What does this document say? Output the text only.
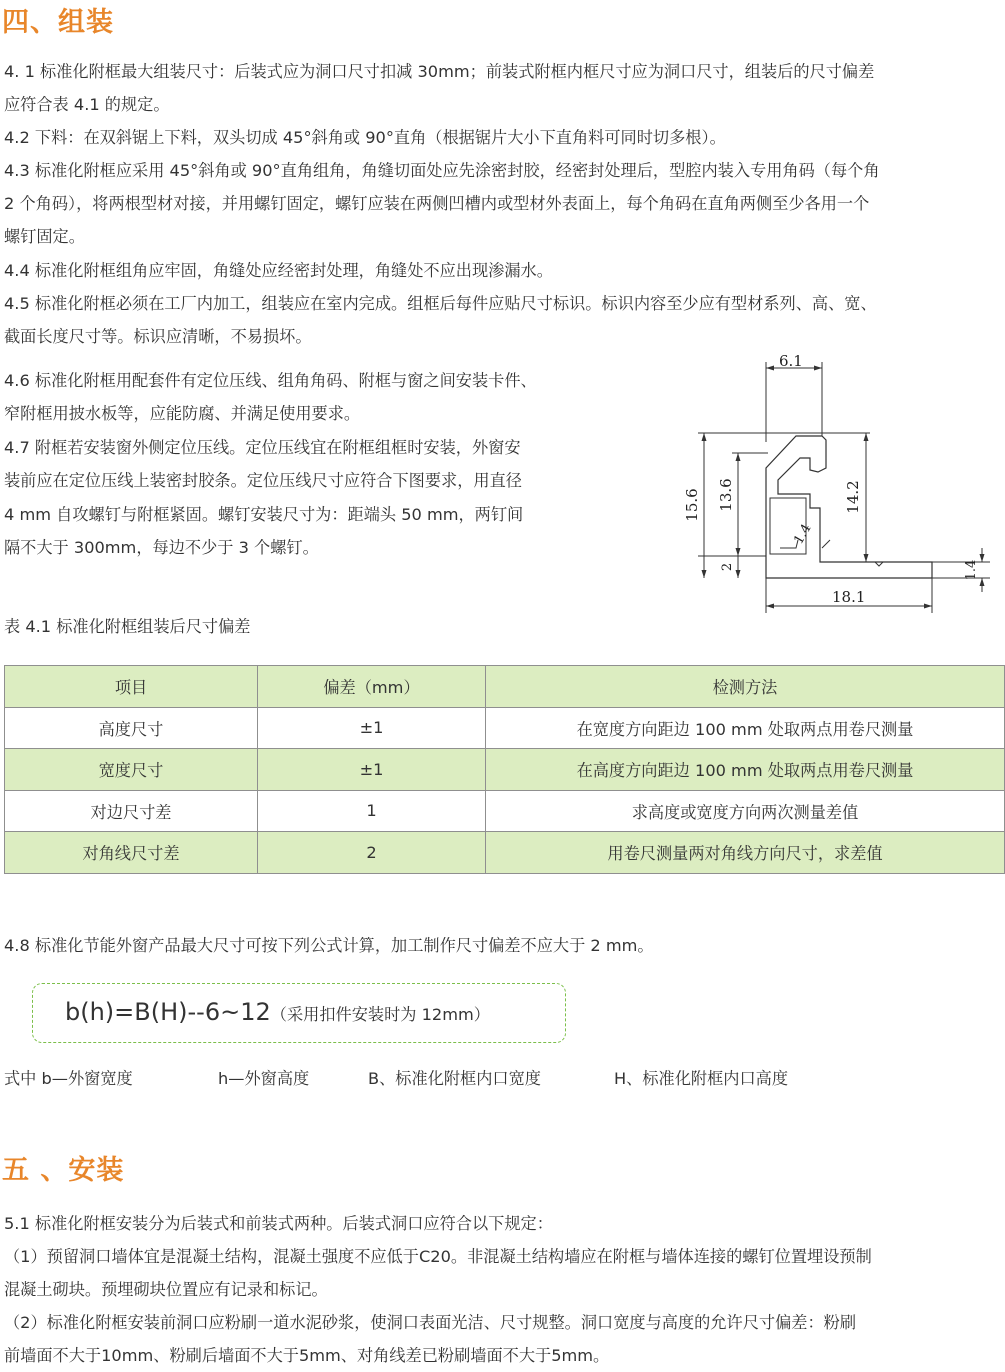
四、组装
4. 1 标准化附框最大组装尺寸：后装式应为洞口尺寸扣减 30mm；前装式附框内框尺寸应为洞口尺寸，组装后的尺寸偏差
应符合表 4.1 的规定。
4.2 下料：在双斜锯上下料，双头切成 45°斜角或 90°直角（根据锯片大小下直角料可同时切多根）。
4.3 标准化附框应采用 45°斜角或 90°直角组角，角缝切面处应先涂密封胶，经密封处理后，型腔内装入专用角码（每个角
2 个角码），将两根型材对接，并用螺钉固定，螺钉应装在两侧凹槽内或型材外表面上，每个角码在直角两侧至少各用一个
螺钉固定。
4.4 标准化附框组角应牢固，角缝处应经密封处理，角缝处不应出现渗漏水。
4.5 标准化附框必须在工厂内加工，组装应在室内完成。组框后每件应贴尺寸标识。标识内容至少应有型材系列、高、宽、
截面长度尺寸等。标识应清晰，不易损坏。
4.6 标准化附框用配套件有定位压线、组角角码、附框与窗之间安装卡件、
窄附框用披水板等，应能防腐、并满足使用要求。
4.7 附框若安装窗外侧定位压线。定位压线宜在附框组框时安装，外窗安
装前应在定位压线上装密封胶条。定位压线尺寸应符合下图要求，用直径
4 mm 自攻螺钉与附框紧固。螺钉安装尺寸为：距端头 50 mm，两钉间
隔不大于 300mm，每边不少于 3 个螺钉。
6.1
18.1
15.6 13.6	14.2
2
1.4
1.4
表 4.1 标准化附框组装后尺寸偏差
项目	偏差（mm）	检测方法
高度尺寸	±1	在宽度方向距边 100 mm 处取两点用卷尺测量
宽度尺寸	±1	在高度方向距边 100 mm 处取两点用卷尺测量
对边尺寸差	1	求高度或宽度方向两次测量差值
对角线尺寸差	2	用卷尺测量两对角线方向尺寸，求差值
4.8 标准化节能外窗产品最大尺寸可按下列公式计算，加工制作尺寸偏差不应大于 2 mm。
b(h)=B(H)--6~12（采用扣件安装时为 12mm）
式中 b—外窗宽度	h—外窗高度	B、标准化附框内口宽度	H、标准化附框内口高度
五 、安装
5.1 标准化附框安装分为后装式和前装式两种。后装式洞口应符合以下规定：
（1）预留洞口墙体宜是混凝土结构，混凝土强度不应低于C20。非混凝土结构墙应在附框与墙体连接的螺钉位置埋设预制
混凝土砌块。预埋砌块位置应有记录和标记。
（2）标准化附框安装前洞口应粉刷一道水泥砂浆，使洞口表面光洁、尺寸规整。洞口宽度与高度的允许尺寸偏差：粉刷
前墙面不大于10mm、粉刷后墙面不大于5mm、对角线差已粉刷墙面不大于5mm。
